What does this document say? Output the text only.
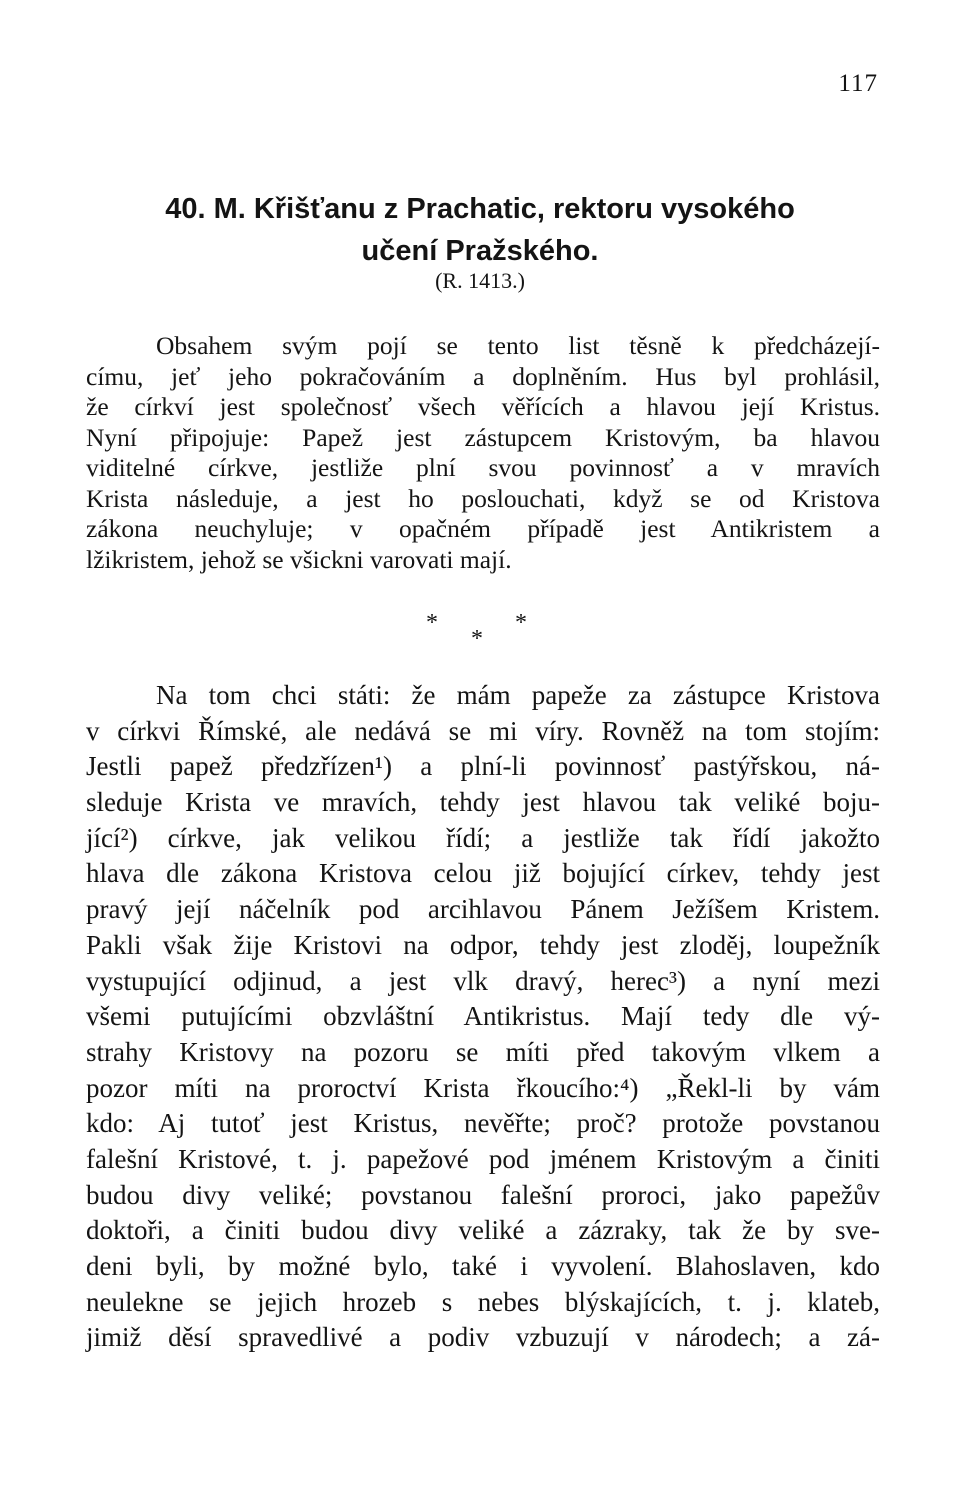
117
40. M. Křišťanu z Prachatic, rektoru vysokého
učení Pražského.
(R. 1413.)
Obsahem svým pojí se tento list těsně k předcházejí-
címu, jeť jeho pokračováním a doplněním. Hus byl prohlásil,
že církví jest společnosť všech věřících a hlavou její Kristus.
Nyní připojuje: Papež jest zástupcem Kristovým, ba hlavou
viditelné církve, jestliže plní svou povinnosť a v mravích
Krista následuje, a jest ho poslouchati, když se od Kristova
zákona neuchyluje; v opačném případě jest Antikristem a
lžikristem, jehož se všickni varovati mají.
*	*
*
Na tom chci státi: že mám papeže za zástupce Kristova
v církvi Římské, ale nedává se mi víry. Rovněž na tom stojím:
Jestli papež předzřízen¹) a plní-li povinnosť pastýřskou, ná-
sleduje Krista ve mravích, tehdy jest hlavou tak veliké boju-
jící²) církve, jak velikou řídí; a jestliže tak řídí jakožto
hlava dle zákona Kristova celou již bojující církev, tehdy jest
pravý její náčelník pod arcihlavou Pánem Ježíšem Kristem.
Pakli však žije Kristovi na odpor, tehdy jest zloděj, loupežník
vystupující odjinud, a jest vlk dravý, herec³) a nyní mezi
všemi putujícími obzvláštní Antikristus. Mají tedy dle vý-
strahy Kristovy na pozoru se míti před takovým vlkem a
pozor míti na proroctví Krista řkoucího:⁴) „Řekl-li by vám
kdo: Aj tutoť jest Kristus, nevěřte; proč? protože povstanou
falešní Kristové, t. j. papežové pod jménem Kristovým a činiti
budou divy veliké; povstanou falešní proroci, jako papežův
doktoři, a činiti budou divy veliké a zázraky, tak že by sve-
deni byli, by možné bylo, také i vyvolení. Blahoslaven, kdo
neulekne se jejich hrozeb s nebes blýskajících, t. j. klateb,
jimiž děsí spravedlivé a podiv vzbuzují v národech; a zá-
